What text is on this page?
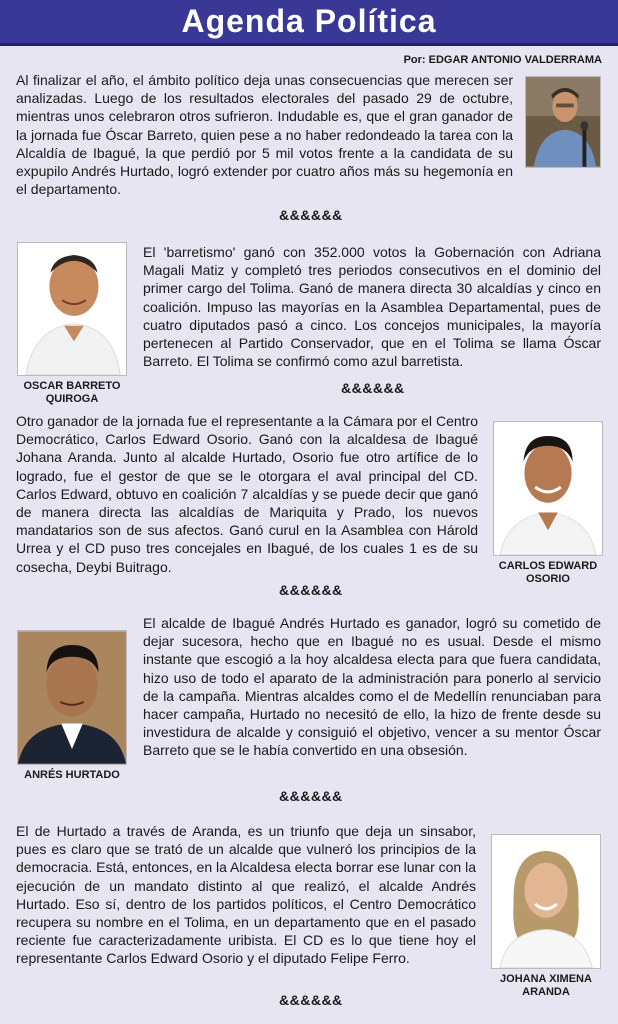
Agenda Política
Por: EDGAR ANTONIO VALDERRAMA

Al finalizar el año, el ámbito político deja unas consecuencias que merecen ser analizadas. Luego de los resultados electorales del pasado 29 de octubre, mientras unos celebraron otros sufrieron. Indudable es, que el gran ganador de la jornada fue Óscar Barreto, quien pese a no haber redondeado la tarea con la Alcaldía de Ibagué, la que perdió por 5 mil votos frente a la candidata de su expupilo Andrés Hurtado, logró extender por cuatro años más su hegemonía en el departamento.

&&&&&&

El 'barretismo' ganó con 352.000 votos la Gobernación con Adriana Magali Matiz y completó tres periodos consecutivos en el dominio del primer cargo del Tolima. Ganó de manera directa 30 alcaldías y cinco en coalición. Impuso las mayorías en la Asamblea Departamental, pues de cuatro diputados pasó a cinco. Los concejos municipales, la mayoría pertenecen al Partido Conservador, que en el Tolima se llama Óscar Barreto. El Tolima se confirmó como azul barretista.

OSCAR BARRETO QUIROGA
&&&&&&

Otro ganador de la jornada fue el representante a la Cámara por el Centro Democrático, Carlos Edward Osorio. Ganó con la alcaldesa de Ibagué Johana Aranda. Junto al alcalde Hurtado, Osorio fue otro artífice de lo logrado, fue el gestor de que se le otorgara el aval principal del CD. Carlos Edward, obtuvo en coalición 7 alcaldías y se puede decir que ganó de manera directa las alcaldías de Mariquita y Prado, los nuevos mandatarios son de sus afectos. Ganó curul en la Asamblea con Hárold Urrea y el CD puso tres concejales en Ibagué, de los cuales 1 es de su cosecha, Deybi Buitrago.	CARLOS EDWARD OSORIO
&&&&&&

El alcalde de Ibagué Andrés Hurtado es ganador, logró su cometido de dejar sucesora, hecho que en Ibagué no es usual. Desde el mismo instante que escogió a la hoy alcaldesa electa para que fuera candidata, hizo uso de todo el aparato de la administración para ponerlo al servicio de la campaña. Mientras alcaldes como el de Medellín renunciaban para hacer campaña, Hurtado no necesitó de ello, la hizo de frente desde su investidura de alcalde y consiguió el objetivo, vencer a su mentor Óscar Barreto que se le había convertido en una obsesión.

ANRÉS HURTADO
&&&&&&

El de Hurtado a través de Aranda, es un triunfo que deja un sinsabor, pues es claro que se trató de un alcalde que vulneró los principios de la democracia. Está, entonces, en la Alcaldesa electa borrar ese lunar con la ejecución de un mandato distinto al que realizó, el alcalde Andrés Hurtado. Eso sí, dentro de los partidos políticos, el Centro Democrático recupera su nombre en el Tolima, en un departamento que en el pasado reciente fue caracterizadamente uribista. El CD es lo que tiene hoy el representante Carlos Edward Osorio y el diputado Felipe Ferro.

JOHANA XIMENA ARANDA
&&&&&&
